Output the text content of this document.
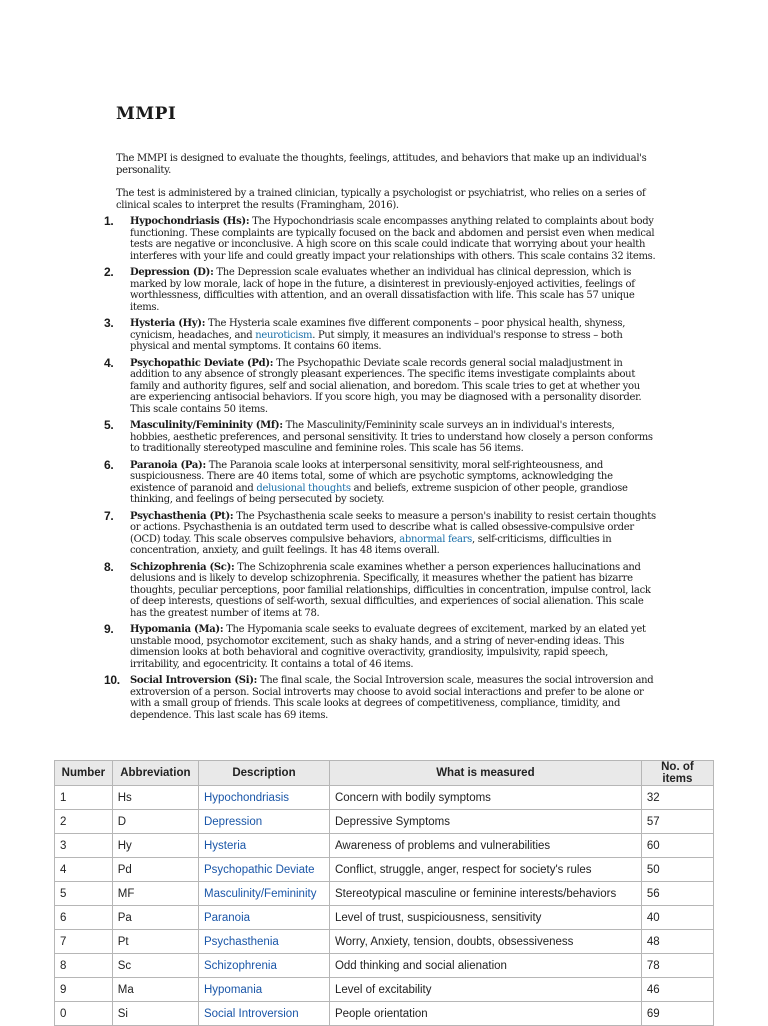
MMPI

The MMPI is designed to evaluate the thoughts, feelings, attitudes, and behaviors that make up an individual's personality.

The test is administered by a trained clinician, typically a psychologist or psychiatrist, who relies on a series of clinical scales to interpret the results (Framingham, 2016).

1.	Hypochondriasis (Hs): The Hypochondriasis scale encompasses anything related to complaints about body functioning. These complaints are typically focused on the back and abdomen and persist even when medical tests are negative or inconclusive. A high score on this scale could indicate that worrying about your health interferes with your life and could greatly impact your relationships with others. This scale contains 32 items.
2.	Depression (D): The Depression scale evaluates whether an individual has clinical depression, which is marked by low morale, lack of hope in the future, a disinterest in previously-enjoyed activities, feelings of worthlessness, difficulties with attention, and an overall dissatisfaction with life. This scale has 57 unique items.
3.	Hysteria (Hy): The Hysteria scale examines five different components – poor physical health, shyness, cynicism, headaches, and neuroticism. Put simply, it measures an individual's response to stress – both physical and mental symptoms. It contains 60 items.
4.	Psychopathic Deviate (Pd): The Psychopathic Deviate scale records general social maladjustment in addition to any absence of strongly pleasant experiences. The specific items investigate complaints about family and authority figures, self and social alienation, and boredom. This scale tries to get at whether you are experiencing antisocial behaviors. If you score high, you may be diagnosed with a personality disorder. This scale contains 50 items.
5.	Masculinity/Femininity (Mf): The Masculinity/Femininity scale surveys an in individual's interests, hobbies, aesthetic preferences, and personal sensitivity. It tries to understand how closely a person conforms to traditionally stereotyped masculine and feminine roles. This scale has 56 items.
6.	Paranoia (Pa): The Paranoia scale looks at interpersonal sensitivity, moral self-righteousness, and suspiciousness. There are 40 items total, some of which are psychotic symptoms, acknowledging the existence of paranoid and delusional thoughts and beliefs, extreme suspicion of other people, grandiose thinking, and feelings of being persecuted by society.
7.	Psychasthenia (Pt): The Psychasthenia scale seeks to measure a person's inability to resist certain thoughts or actions. Psychasthenia is an outdated term used to describe what is called obsessive-compulsive order (OCD) today. This scale observes compulsive behaviors, abnormal fears, self-criticisms, difficulties in concentration, anxiety, and guilt feelings. It has 48 items overall.
8.	Schizophrenia (Sc): The Schizophrenia scale examines whether a person experiences hallucinations and delusions and is likely to develop schizophrenia. Specifically, it measures whether the patient has bizarre thoughts, peculiar perceptions, poor familial relationships, difficulties in concentration, impulse control, lack of deep interests, questions of self-worth, sexual difficulties, and experiences of social alienation. This scale has the greatest number of items at 78.
9.	Hypomania (Ma): The Hypomania scale seeks to evaluate degrees of excitement, marked by an elated yet unstable mood, psychomotor excitement, such as shaky hands, and a string of never-ending ideas. This dimension looks at both behavioral and cognitive overactivity, grandiosity, impulsivity, rapid speech, irritability, and egocentricity. It contains a total of 46 items.
10.	Social Introversion (Si): The final scale, the Social Introversion scale, measures the social introversion and extroversion of a person. Social introverts may choose to avoid social interactions and prefer to be alone or with a small group of friends. This scale looks at degrees of competitiveness, compliance, timidity, and dependence. This last scale has 69 items.
Number	Abbreviation	Description	What is measured	No. of items
1	Hs	Hypochondriasis	Concern with bodily symptoms	32
2	D	Depression	Depressive Symptoms	57
3	Hy	Hysteria	Awareness of problems and vulnerabilities	60
4	Pd	Psychopathic Deviate	Conflict, struggle, anger, respect for society's rules	50
5	MF	Masculinity/Femininity	Stereotypical masculine or feminine interests/behaviors	56
6	Pa	Paranoia	Level of trust, suspiciousness, sensitivity	40
7	Pt	Psychasthenia	Worry, Anxiety, tension, doubts, obsessiveness	48
8	Sc	Schizophrenia	Odd thinking and social alienation	78
9	Ma	Hypomania	Level of excitability	46
0	Si	Social Introversion	People orientation	69
